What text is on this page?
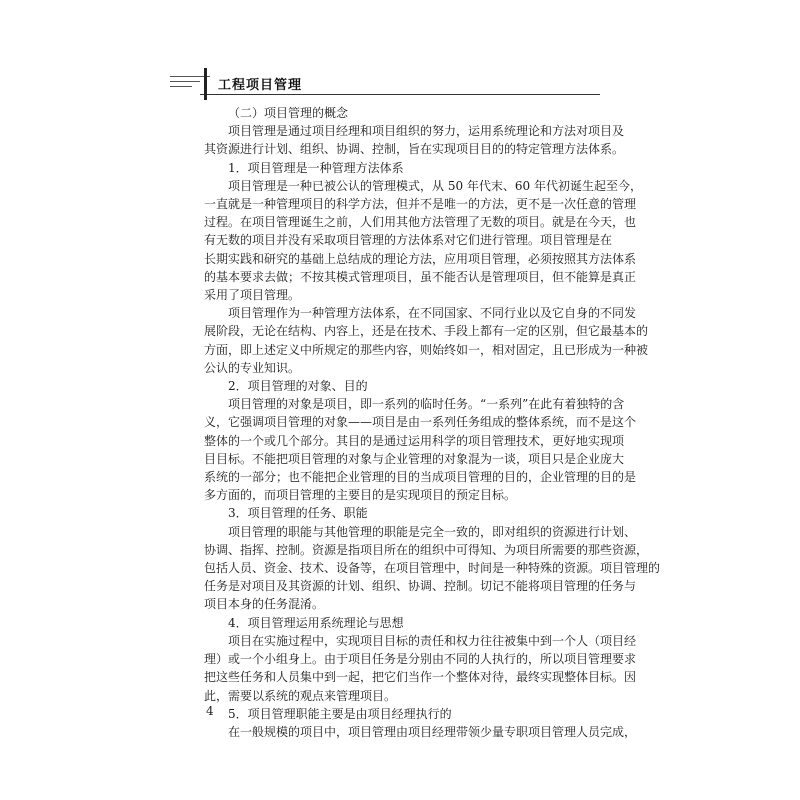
工程项目管理

（二）项目管理的概念

项目管理是通过项目经理和项目组织的努力，运用系统理论和方法对项目及
其资源进行计划、组织、协调、控制，旨在实现项目目的的特定管理方法体系。

1．项目管理是一种管理方法体系

项目管理是一种已被公认的管理模式，从 50 年代末、60 年代初诞生起至今，
一直就是一种管理项目的科学方法，但并不是唯一的方法，更不是一次任意的管理
过程。在项目管理诞生之前，人们用其他方法管理了无数的项目。就是在今天，也
有无数的项目并没有采取项目管理的方法体系对它们进行管理。项目管理是在
长期实践和研究的基础上总结成的理论方法，应用项目管理，必须按照其方法体系
的基本要求去做；不按其模式管理项目，虽不能否认是管理项目，但不能算是真正
采用了项目管理。

项目管理作为一种管理方法体系，在不同国家、不同行业以及它自身的不同发
展阶段，无论在结构、内容上，还是在技术、手段上都有一定的区别，但它最基本的
方面，即上述定义中所规定的那些内容，则始终如一，相对固定，且已形成为一种被
公认的专业知识。

2．项目管理的对象、目的

项目管理的对象是项目，即一系列的临时任务。“一系列”在此有着独特的含
义，它强调项目管理的对象——项目是由一系列任务组成的整体系统，而不是这个
整体的一个或几个部分。其目的是通过运用科学的项目管理技术，更好地实现项
目目标。不能把项目管理的对象与企业管理的对象混为一谈，项目只是企业庞大
系统的一部分；也不能把企业管理的目的当成项目管理的目的，企业管理的目的是
多方面的，而项目管理的主要目的是实现项目的预定目标。

3．项目管理的任务、职能

项目管理的职能与其他管理的职能是完全一致的，即对组织的资源进行计划、
协调、指挥、控制。资源是指项目所在的组织中可得知、为项目所需要的那些资源，
包括人员、资金、技术、设备等，在项目管理中，时间是一种特殊的资源。项目管理的
任务是对项目及其资源的计划、组织、协调、控制。切记不能将项目管理的任务与
项目本身的任务混淆。

4．项目管理运用系统理论与思想

项目在实施过程中，实现项目目标的责任和权力往往被集中到一个人（项目经
理）或一个小组身上。由于项目任务是分别由不同的人执行的，所以项目管理要求
把这些任务和人员集中到一起，把它们当作一个整体对待，最终实现整体目标。因
此，需要以系统的观点来管理项目。

5．项目管理职能主要是由项目经理执行的

在一般规模的项目中，项目管理由项目经理带领少量专职项目管理人员完成，

4
